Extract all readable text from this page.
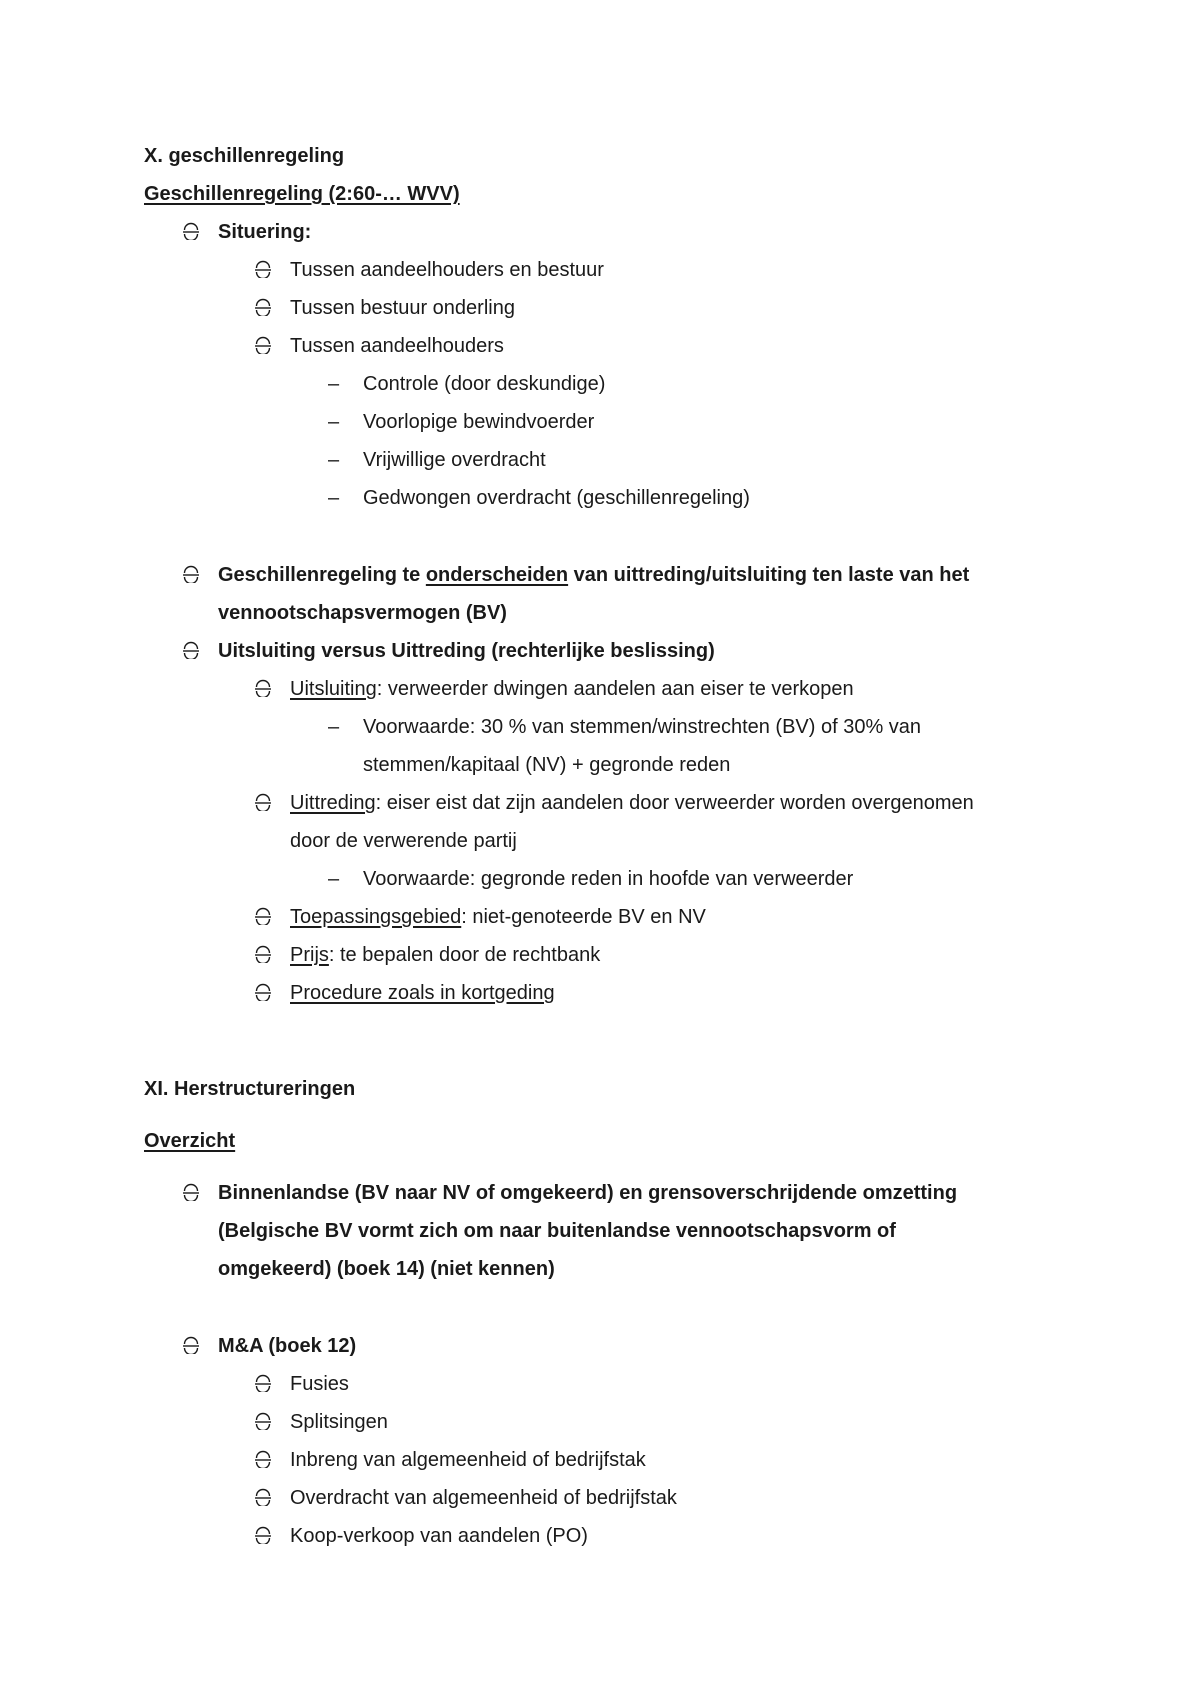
X. geschillenregeling
Geschillenregeling (2:60-… WVV)
Situering:
Tussen aandeelhouders en bestuur
Tussen bestuur onderling
Tussen aandeelhouders
– Controle (door deskundige)
– Voorlopige bewindvoerder
– Vrijwillige overdracht
– Gedwongen overdracht (geschillenregeling)
Geschillenregeling te onderscheiden van uittreding/uitsluiting ten laste van het
vennootschapsvermogen (BV)
Uitsluiting versus Uittreding (rechterlijke beslissing)
Uitsluiting: verweerder dwingen aandelen aan eiser te verkopen
– Voorwaarde: 30 % van stemmen/winstrechten (BV) of 30% van
stemmen/kapitaal (NV) + gegronde reden
Uittreding: eiser eist dat zijn aandelen door verweerder worden overgenomen
door de verwerende partij
– Voorwaarde: gegronde reden in hoofde van verweerder
Toepassingsgebied: niet-genoteerde BV en NV
Prijs: te bepalen door de rechtbank
Procedure zoals in kortgeding
XI. Herstructureringen
Overzicht
Binnenlandse (BV naar NV of omgekeerd) en grensoverschrijdende omzetting
(Belgische BV vormt zich om naar buitenlandse vennootschapsvorm of
omgekeerd) (boek 14) (niet kennen)
M&A (boek 12)
Fusies
Splitsingen
Inbreng van algemeenheid of bedrijfstak
Overdracht van algemeenheid of bedrijfstak
Koop-verkoop van aandelen (PO)
